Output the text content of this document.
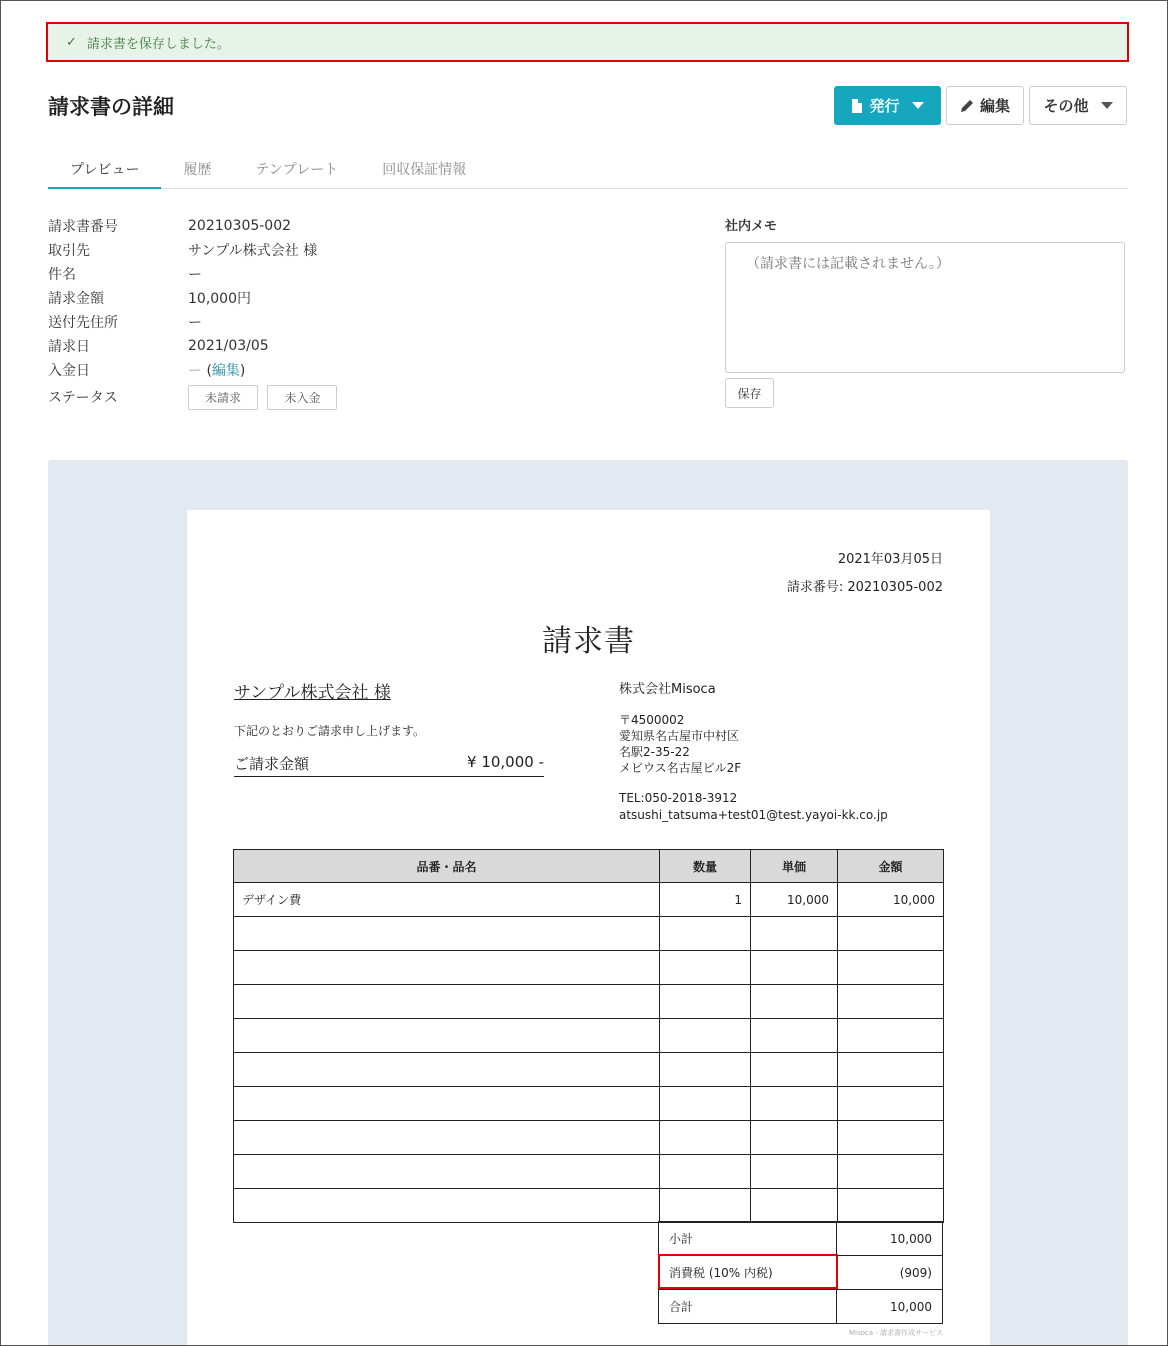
✓ 請求書を保存しました。
請求書の詳細	発行	編集 その他
プレビュー	履歴	テンプレート	回収保証情報
請求書番号	20210305-002
取引先	サンプル株式会社 様
件名	ー
請求金額	10,000円
送付先住所	ー
請求日	2021/03/05
入金日	ー (編集)
ステータス	未請求	未入金
社内メモ
（請求書には記載されません。）
保存
2021年03月05日
請求番号: 20210305-002
請求書
サンプル株式会社 様
下記のとおりご請求申し上げます。
ご請求金額	¥ 10,000 -
株式会社Misoca
〒4500002
愛知県名古屋市中村区
名駅2-35-22
メビウス名古屋ビル2F
TEL:050-2018-3912
atsushi_tatsuma+test01@test.yayoi-kk.co.jp
品番・品名	数量	単価	金額
デザイン費	1	10,000	10,000

小計	10,000
消費税 (10% 内税)	(909)
合計	10,000
Misoca - 請求書作成サービス
